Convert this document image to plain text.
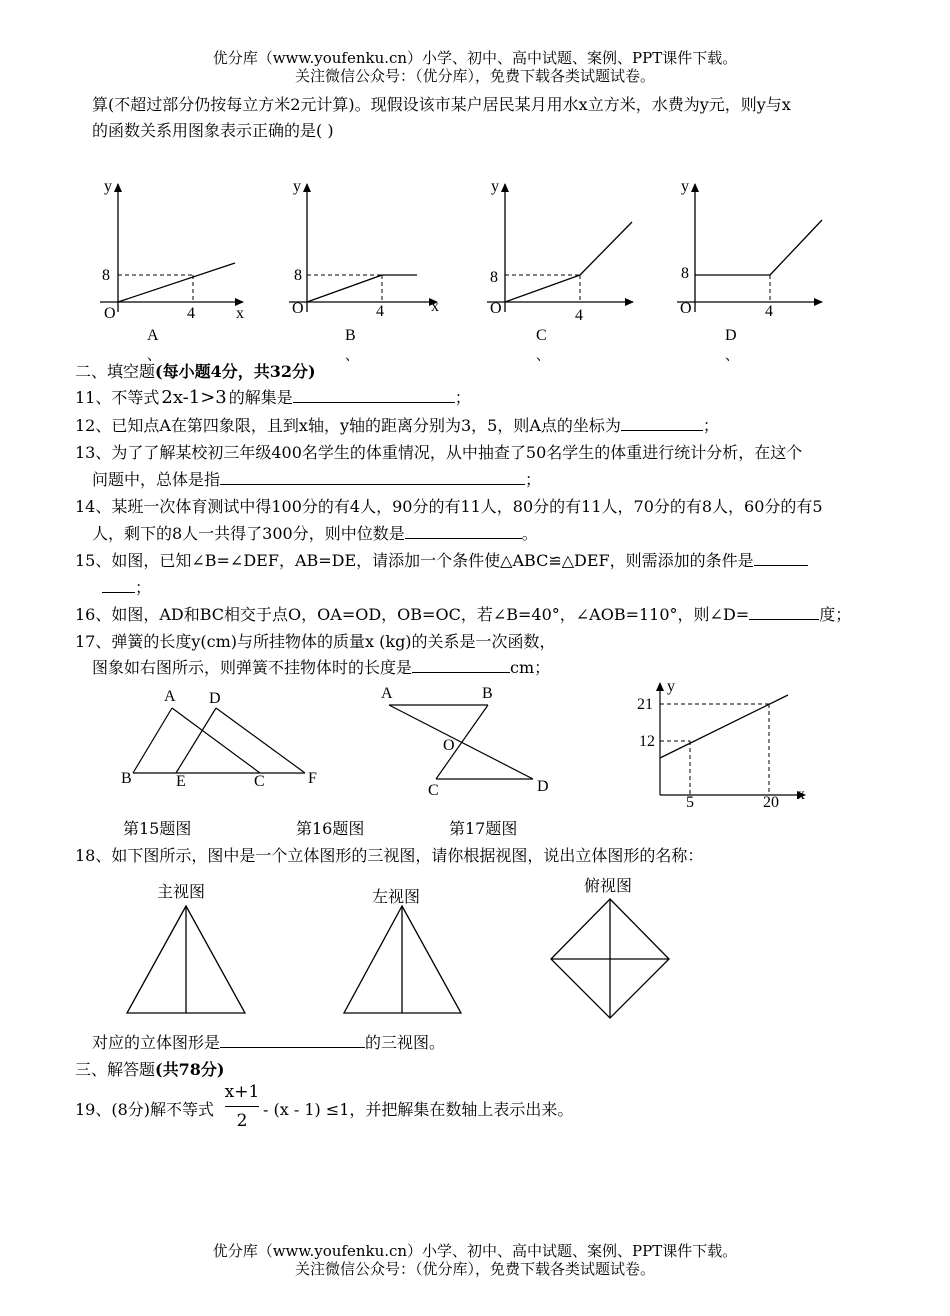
优分库（www.youfenku.cn）小学、初中、高中试题、案例、PPT课件下载。
关注微信公众号：（优分库），免费下载各类试题试卷。
算(不超过部分仍按每立方米2元计算)。现假设该市某户居民某月用水x立方米，水费为y元，则y与x
的函数关系用图象表示正确的是( )
y
x
O
8
4
y
x
O
8
4
y
O
8
4
y
O
8
4
A
、
B
、
C
、
D
、
二、填空题(每小题4分，共32分)
11、不等式 2x-1>3 的解集是	；
12、已知点A在第四象限，且到x轴，y轴的距离分别为3，5，则A点的坐标为	；
13、为了了解某校初三年级400名学生的体重情况，从中抽查了50名学生的体重进行统计分析，在这个
问题中，总体是指	；
14、某班一次体育测试中得100分的有4人，90分的有11人，80分的有11人，70分的有8人，60分的有5
人，剩下的8人一共得了300分，则中位数是	。
15、如图，已知∠B=∠DEF，AB=DE，请添加一个条件使△ABC≌△DEF，则需添加的条件是
；
16、如图，AD和BC相交于点O，OA=OD，OB=OC，若∠B=40°，∠AOB=110°，则∠D=	度；
17、弹簧的长度y(cm)与所挂物体的质量x (kg)的关系是一次函数，
图象如右图所示，则弹簧不挂物体时的长度是	cm；
A D
B	E	C	F
A	B
O
C	D
y
x
21
12
5	20
第15题图	第16题图	第17题图
18、如下图所示，图中是一个立体图形的三视图，请你根据视图，说出立体图形的名称：
主视图	左视图
俯视图
对应的立体图形是	的三视图。
三、解答题(共78分)
19、(8分)解不等式
x+1
2
- (x - 1) ≤1，并把解集在数轴上表示出来。
优分库（www.youfenku.cn）小学、初中、高中试题、案例、PPT课件下载。
关注微信公众号：（优分库），免费下载各类试题试卷。
